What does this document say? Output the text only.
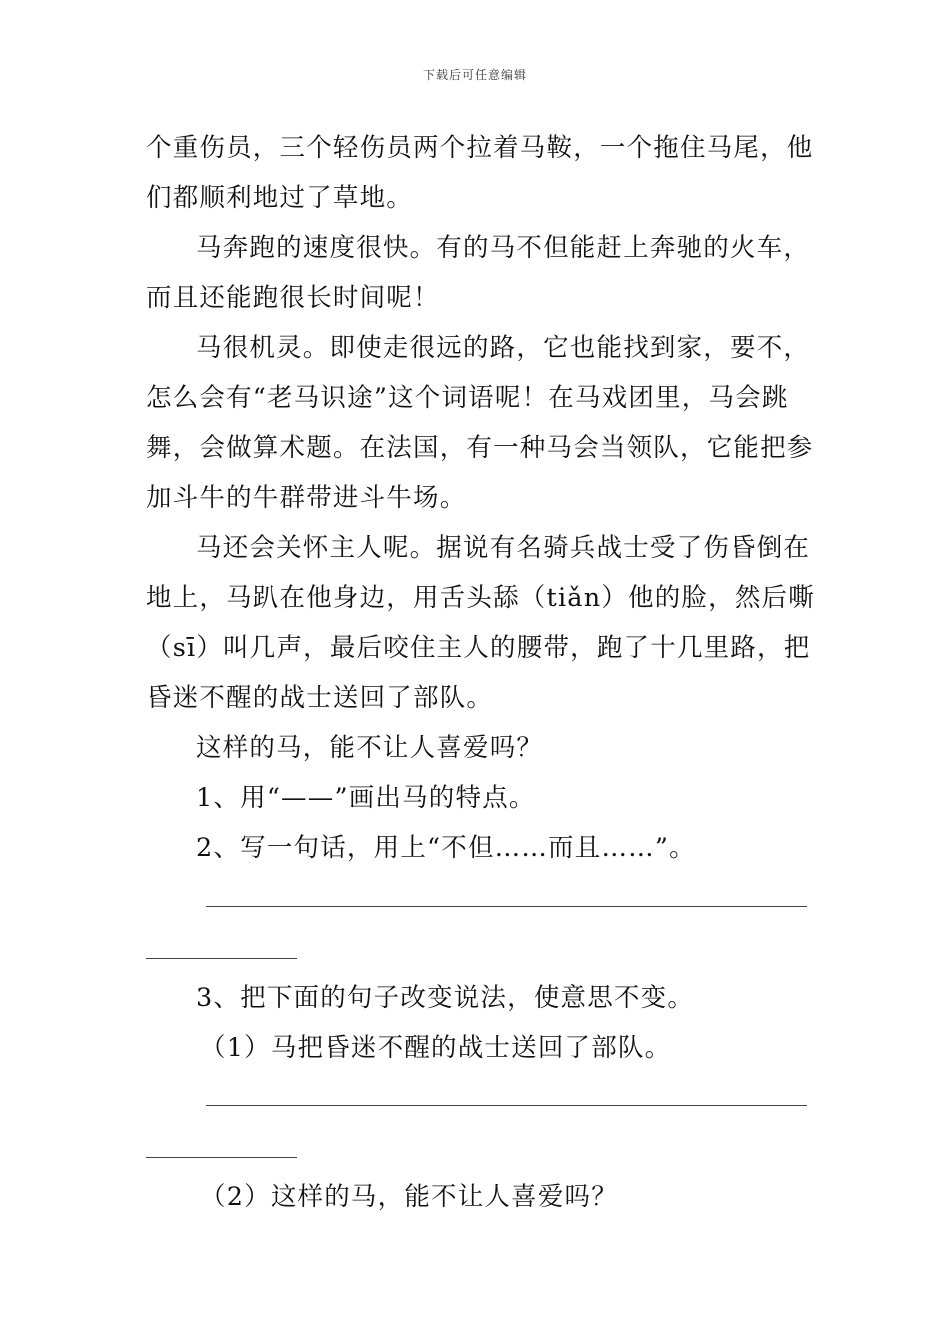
下载后可任意编辑
个重伤员，三个轻伤员两个拉着马鞍，一个拖住马尾，他
们都顺利地过了草地。
马奔跑的速度很快。有的马不但能赶上奔驰的火车，
而且还能跑很长时间呢！
马很机灵。即使走很远的路，它也能找到家，要不，
怎么会有“老马识途”这个词语呢！在马戏团里，马会跳
舞，会做算术题。在法国，有一种马会当领队，它能把参
加斗牛的牛群带进斗牛场。
马还会关怀主人呢。据说有名骑兵战士受了伤昏倒在
地上，马趴在他身边，用舌头舔（tiǎn）他的脸，然后嘶
（sī）叫几声，最后咬住主人的腰带，跑了十几里路，把
昏迷不醒的战士送回了部队。
这样的马，能不让人喜爱吗？
1、用“——”画出马的特点。
2、写一句话，用上“不但……而且……”。
3、把下面的句子改变说法，使意思不变。
（1）马把昏迷不醒的战士送回了部队。
（2）这样的马，能不让人喜爱吗？
